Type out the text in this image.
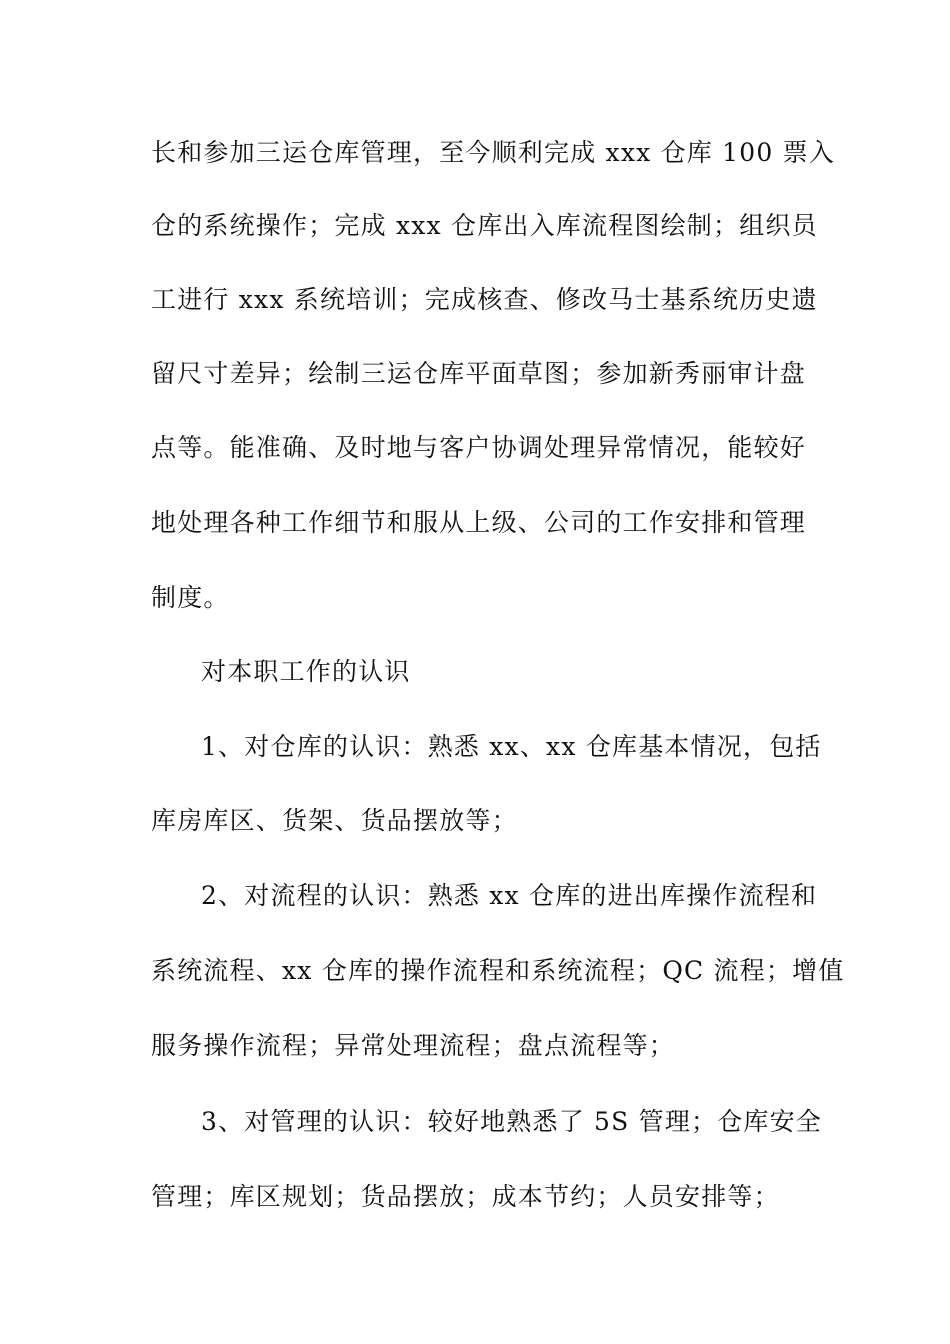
长和参加三运仓库管理，至今顺利完成 xxx 仓库 100 票入
仓的系统操作；完成 xxx 仓库出入库流程图绘制；组织员
工进行 xxx 系统培训；完成核查、修改马士基系统历史遗
留尺寸差异；绘制三运仓库平面草图；参加新秀丽审计盘
点等。能准确、及时地与客户协调处理异常情况，能较好
地处理各种工作细节和服从上级、公司的工作安排和管理
制度。
对本职工作的认识
1、对仓库的认识：熟悉 xx、xx 仓库基本情况，包括
库房库区、货架、货品摆放等；
2、对流程的认识：熟悉 xx 仓库的进出库操作流程和
系统流程、xx 仓库的操作流程和系统流程；QC 流程；增值
服务操作流程；异常处理流程；盘点流程等；
3、对管理的认识：较好地熟悉了 5S 管理；仓库安全
管理；库区规划；货品摆放；成本节约；人员安排等；
